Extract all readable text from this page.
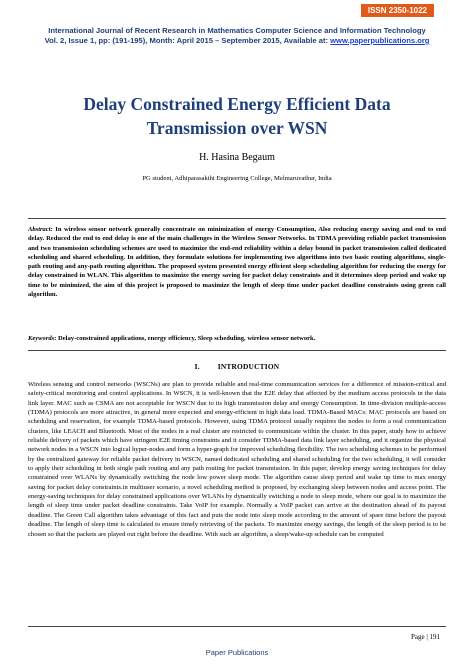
ISSN 2350-1022
International Journal of Recent Research in Mathematics Computer Science and Information Technology
Vol. 2, Issue 1, pp: (191-195), Month: April 2015 – September 2015, Available at: www.paperpublications.org
Delay Constrained Energy Efficient Data
Transmission over WSN
H. Hasina Begaum
PG student, Adhiparasakthi Engineering College, Melmaruvathur, India
Abstract: In wireless sensor network generally concentrate on minimization of energy Consumption, Also reducing energy saving and end to end delay. Reduced the end to end delay is one of the main challenges in the Wireless Sensor Networks. In TDMA providing reliable packet transmission and two transmission scheduling schemes are used to maximize the end-end reliability within a delay bound in packet transmission called dedicated scheduling and shared scheduling. In addition, they formulate solutions for implementing two algorithms into two basic routing algorithms, single-path routing and any-path routing algorithm. The proposed system presented energy efficient sleep scheduling algorithm for reducing the energy for delay constrained in WLAN. This algorithm to maximize the energy saving for packet delay constraints and it determines sleep period and wake up time to be minimized, the aim of this project is proposed to maximize the length of sleep time under packet deadline constraints using green call algorithm.
Keywords: Delay-constrained applications, energy efficiency, Sleep scheduling, wireless sensor network.
I. INTRODUCTION
Wireless sensing and control networks (WSCNs) are plan to provide reliable and real-time communication services for a difference of mission-critical and safety-critical monitoring and control applications. In WSCN, it is well-known that the E2E delay that affected by the medium access protocols in the data link layer. MAC such as CSMA are not acceptable for WSCN due to its high transmission delay and energy Consumption. In time-division multiple-access (TDMA) protocols are more attractive, in general more expected and energy-efficient in high data load. TDMA-Based MACs: MAC protocols are based on scheduling and reservation, for example TDMA-based protocols. However, using TDMA protocol usually requires the nodes to form a real communication clusters, like LEACH and Bluetooth. Most of the nodes in a real cluster are restricted to communicate within the cluster. In this paper, study how to achieve reliable delivery of packets which have stringent E2E timing constraints and it consider TDMA-based data link layer scheduling, and it organize the physical network nodes in a WSCN into logical hyper-nodes and form a hyper-graph for improved scheduling flexibility. The two scheduling schemes to be performed by the centralized gateway for reliable packet delivery in WSCN, named dedicated scheduling and shared scheduling for the two scheduling, it will consider to apply their scheduling in both single path routing and any path routing for packet transmission. In this paper, develop energy saving techniques for delay constrained over WLANs by dynamically switching the node low power sleep mode. The algorithm cause sleep period and wake up time to max energy saving for packet delay constraints.in multiuser scenario, a novel scheduling method is proposed, by exchanging sleep between nodes and access point. The energy-saving techniques for delay constrained applications over WLANs by dynamically switching a node to sleep mode, where our goal is to maximize the length of sleep time under packet deadline constraints. Take VoIP for example. Normally a VoIP packet can arrive at the destination ahead of its payout deadline. The Green Call algorithm takes advantage of this fact and puts the node into sleep mode according to the amount of spare time before the payout deadline. The length of sleep time is calculated to ensure timely retrieving of the packets. To maximize energy savings, the length of the sleep period is to be chosen so that the packets are played out right before the deadline. With such an algorithm, a sleep/wake-up schedule can be computed
Page | 191
Paper Publications
